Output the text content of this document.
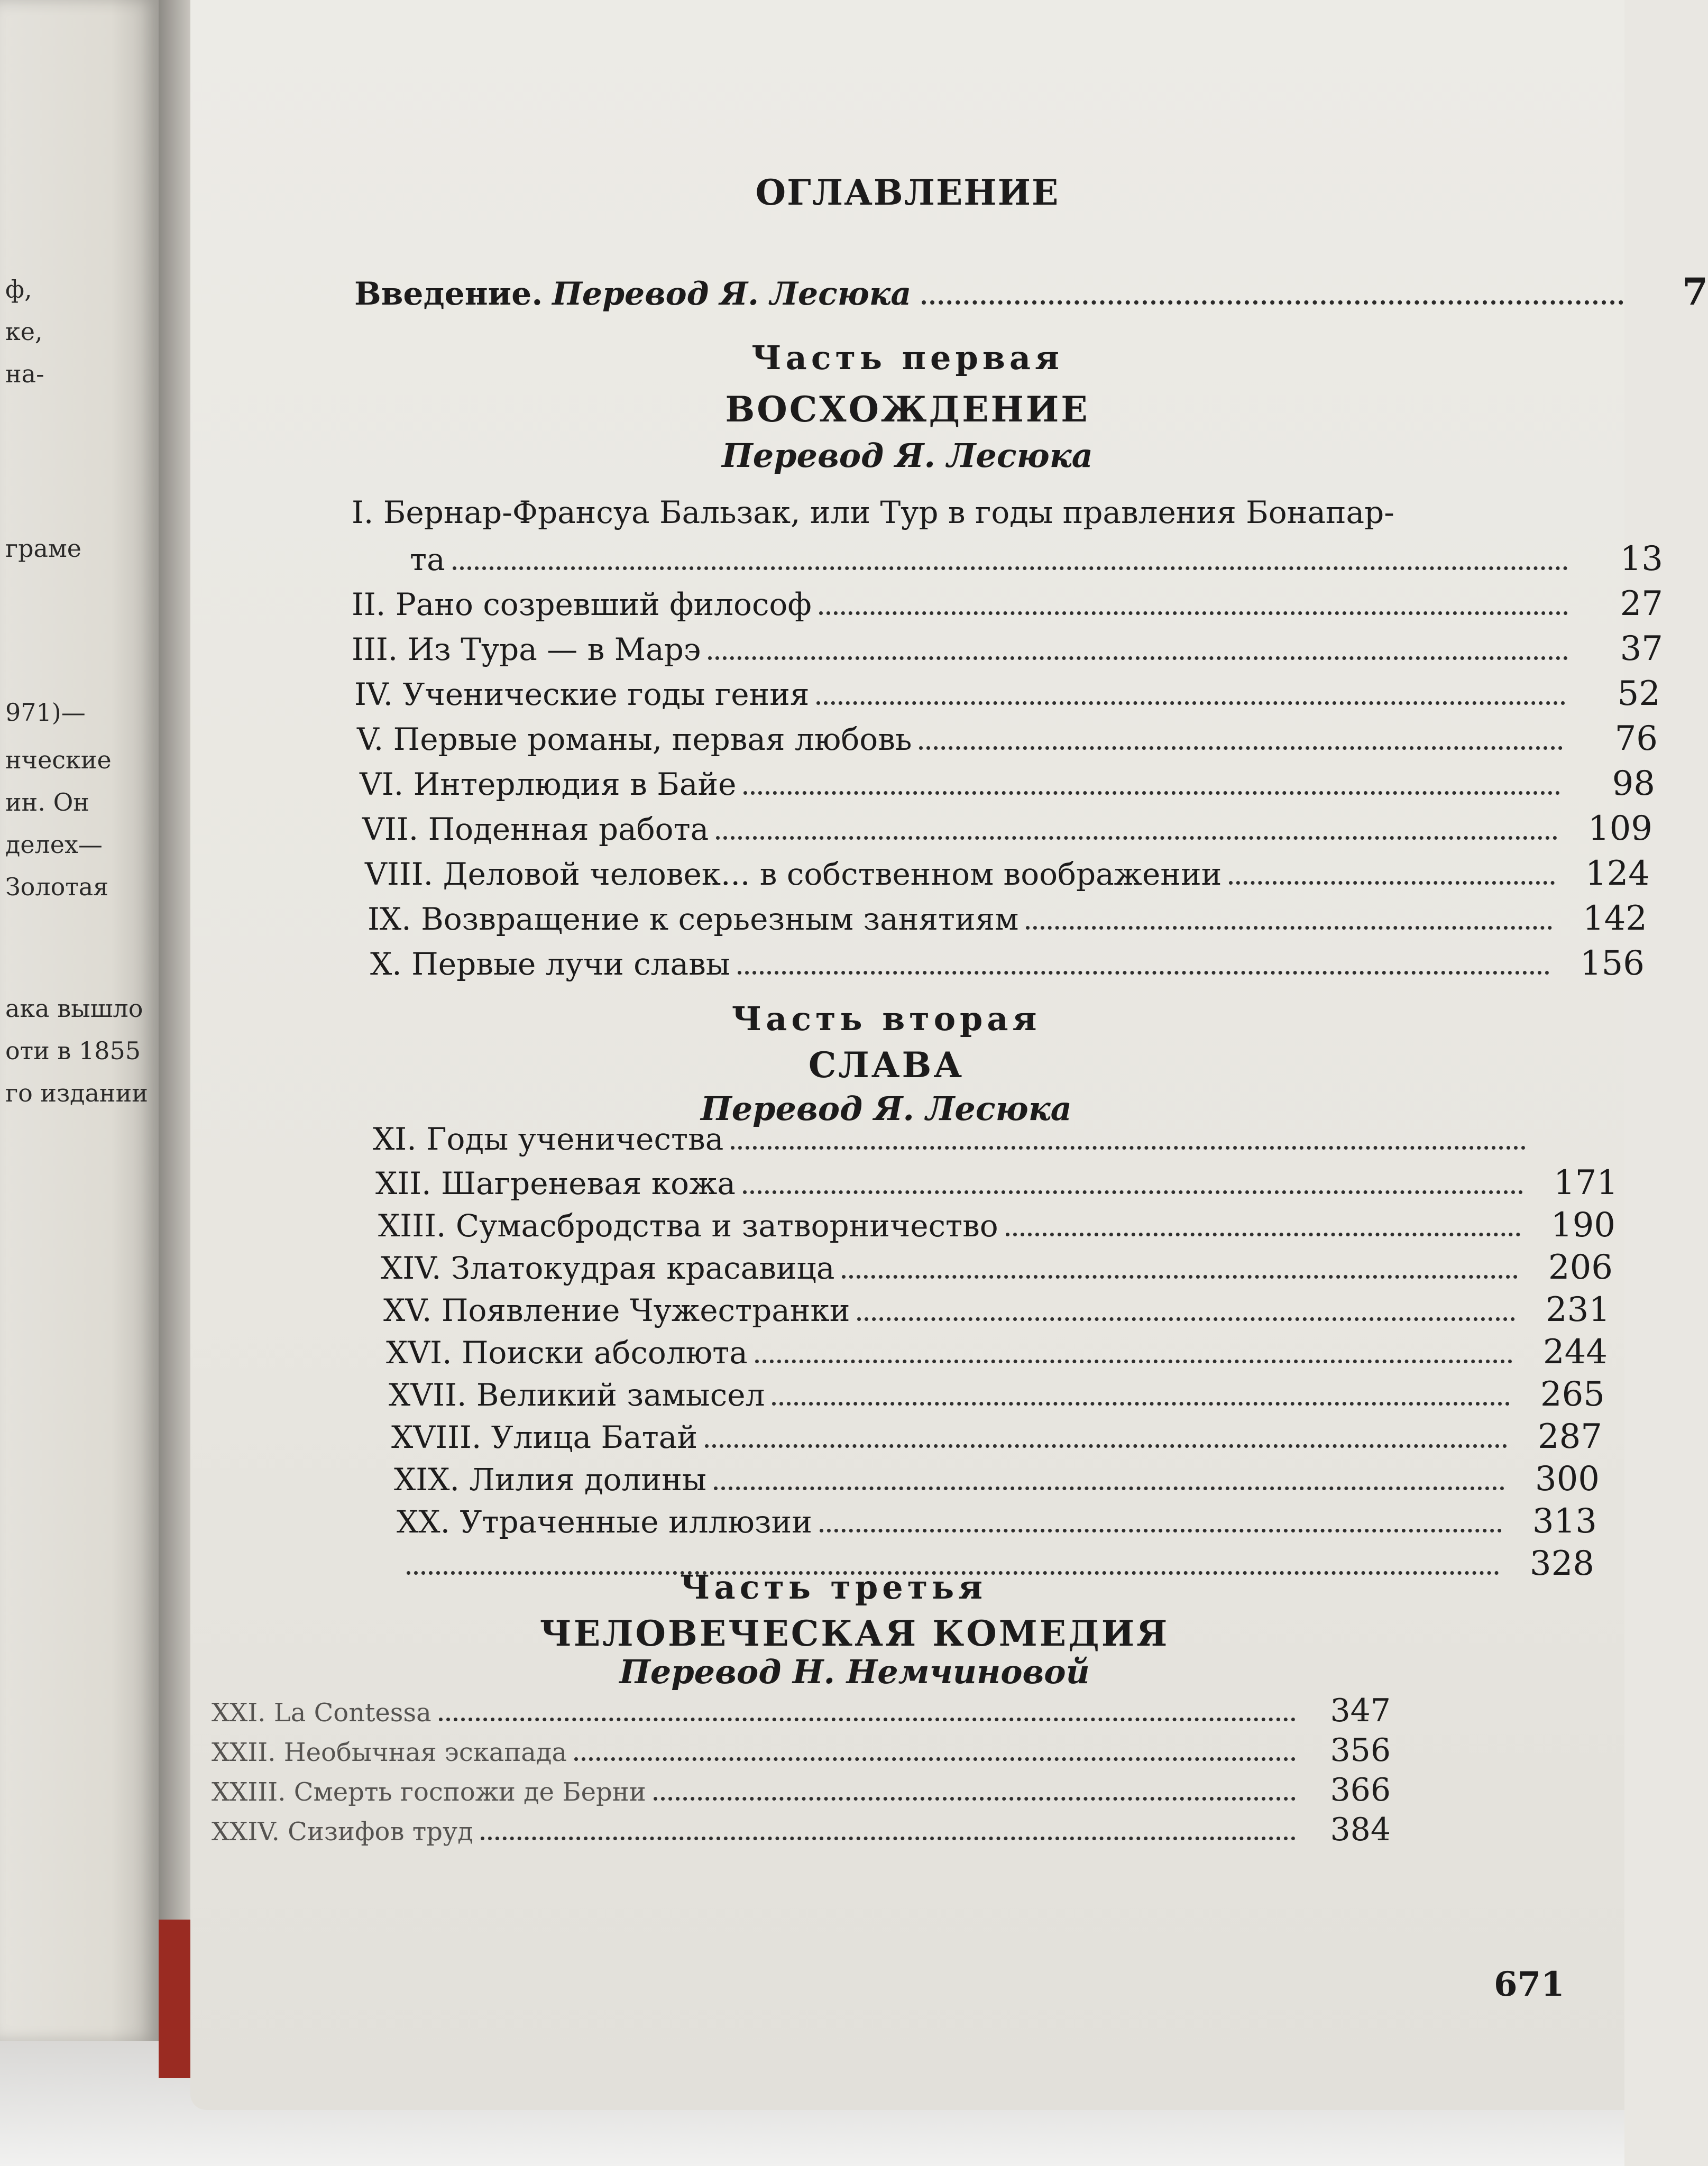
ф,
ке,
на-
граме
971)—
нческие
ин. Он
делех—
Золотая
ака вышло
оти в 1855
го издании
ОГЛАВЛЕНИЕ
Введение. Перевод Я. Лесюка	7
Часть первая
ВОСХОЖДЕНИЕ
Перевод Я. Лесюка
I. Бернар-Франсуа Бальзак, или Тур в годы правления Бонапар-
та	13
II. Рано созревший философ	27
III. Из Тура — в Марэ	37
IV. Ученические годы гения	52
V. Первые романы, первая любовь	76
VI. Интерлюдия в Байе	98
VII. Поденная работа	109
VIII. Деловой человек... в собственном воображении	124
IX. Возвращение к серьезным занятиям	142
X. Первые лучи славы	156
Часть вторая
СЛАВА
Перевод Я. Лесюка
XI. Годы ученичества
XII. Шагреневая кожа	171
XIII. Сумасбродства и затворничество	190
XIV. Златокудрая красавица	206
XV. Появление Чужестранки	231
XVI. Поиски абсолюта	244
XVII. Великий замысел	265
XVIII. Улица Батай	287
XIX. Лилия долины	300
XX. Утраченные иллюзии	313
328
Часть третья
ЧЕЛОВЕЧЕСКАЯ КОМЕДИЯ
Перевод Н. Немчиновой
XXI. La Contessa	347
XXII. Необычная эскапада	356
XXIII. Смерть госпожи де Берни	366
XXIV. Сизифов труд	384
671
